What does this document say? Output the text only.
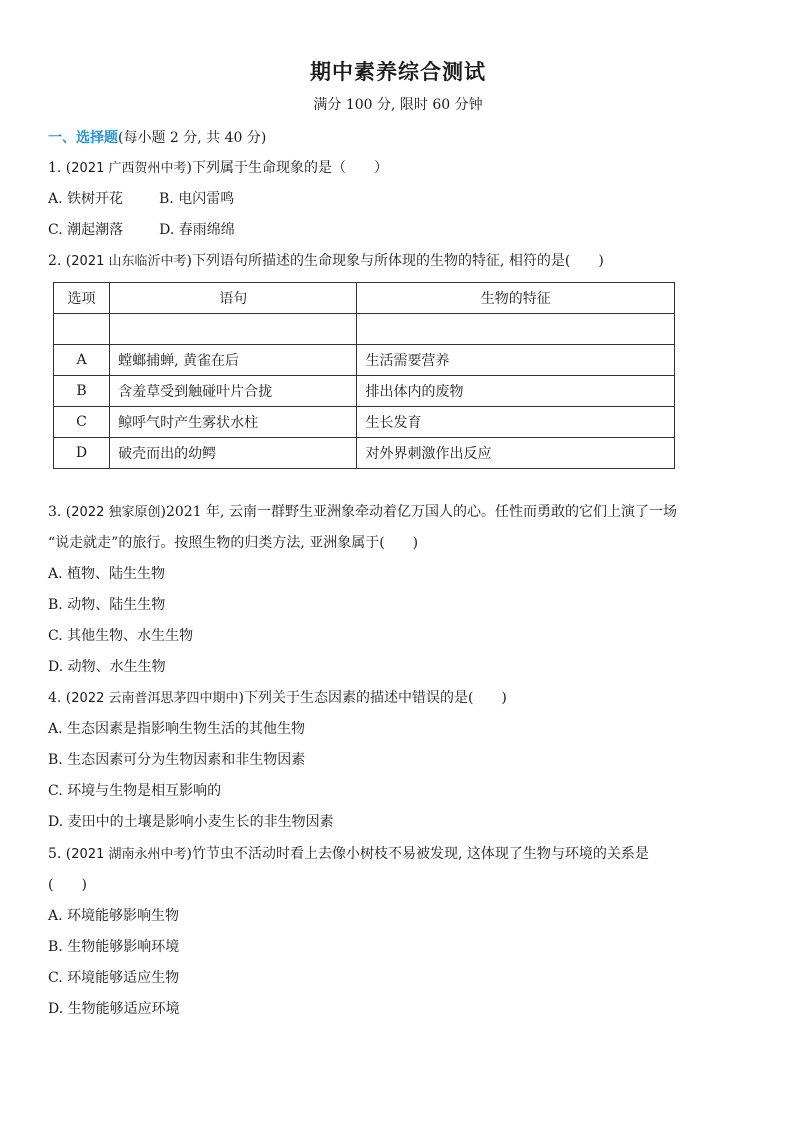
期中素养综合测试
满分 100 分, 限时 60 分钟
一、选择题(每小题 2 分, 共 40 分)
1. (2021 广西贺州中考)下列属于生命现象的是（　　）
A. 铁树开花	B. 电闪雷鸣
C. 潮起潮落	D. 春雨绵绵
2. (2021 山东临沂中考)下列语句所描述的生命现象与所体现的生物的特征, 相符的是(　　)
选项	语句	生物的特征

A	螳螂捕蝉, 黄雀在后	生活需要营养
B	含羞草受到触碰叶片合拢	排出体内的废物
C	鲸呼气时产生雾状水柱	生长发育
D	破壳而出的幼鳄	对外界刺激作出反应
3. (2022 独家原创)2021 年, 云南一群野生亚洲象牵动着亿万国人的心。任性而勇敢的它们上演了一场
“说走就走”的旅行。按照生物的归类方法, 亚洲象属于(　　)
A. 植物、陆生生物
B. 动物、陆生生物
C. 其他生物、水生生物
D. 动物、水生生物
4. (2022 云南普洱思茅四中期中)下列关于生态因素的描述中错误的是(　　)
A. 生态因素是指影响生物生活的其他生物
B. 生态因素可分为生物因素和非生物因素
C. 环境与生物是相互影响的
D. 麦田中的土壤是影响小麦生长的非生物因素
5. (2021 湖南永州中考)竹节虫不活动时看上去像小树枝不易被发现, 这体现了生物与环境的关系是
(　　)
A. 环境能够影响生物
B. 生物能够影响环境
C. 环境能够适应生物
D. 生物能够适应环境
